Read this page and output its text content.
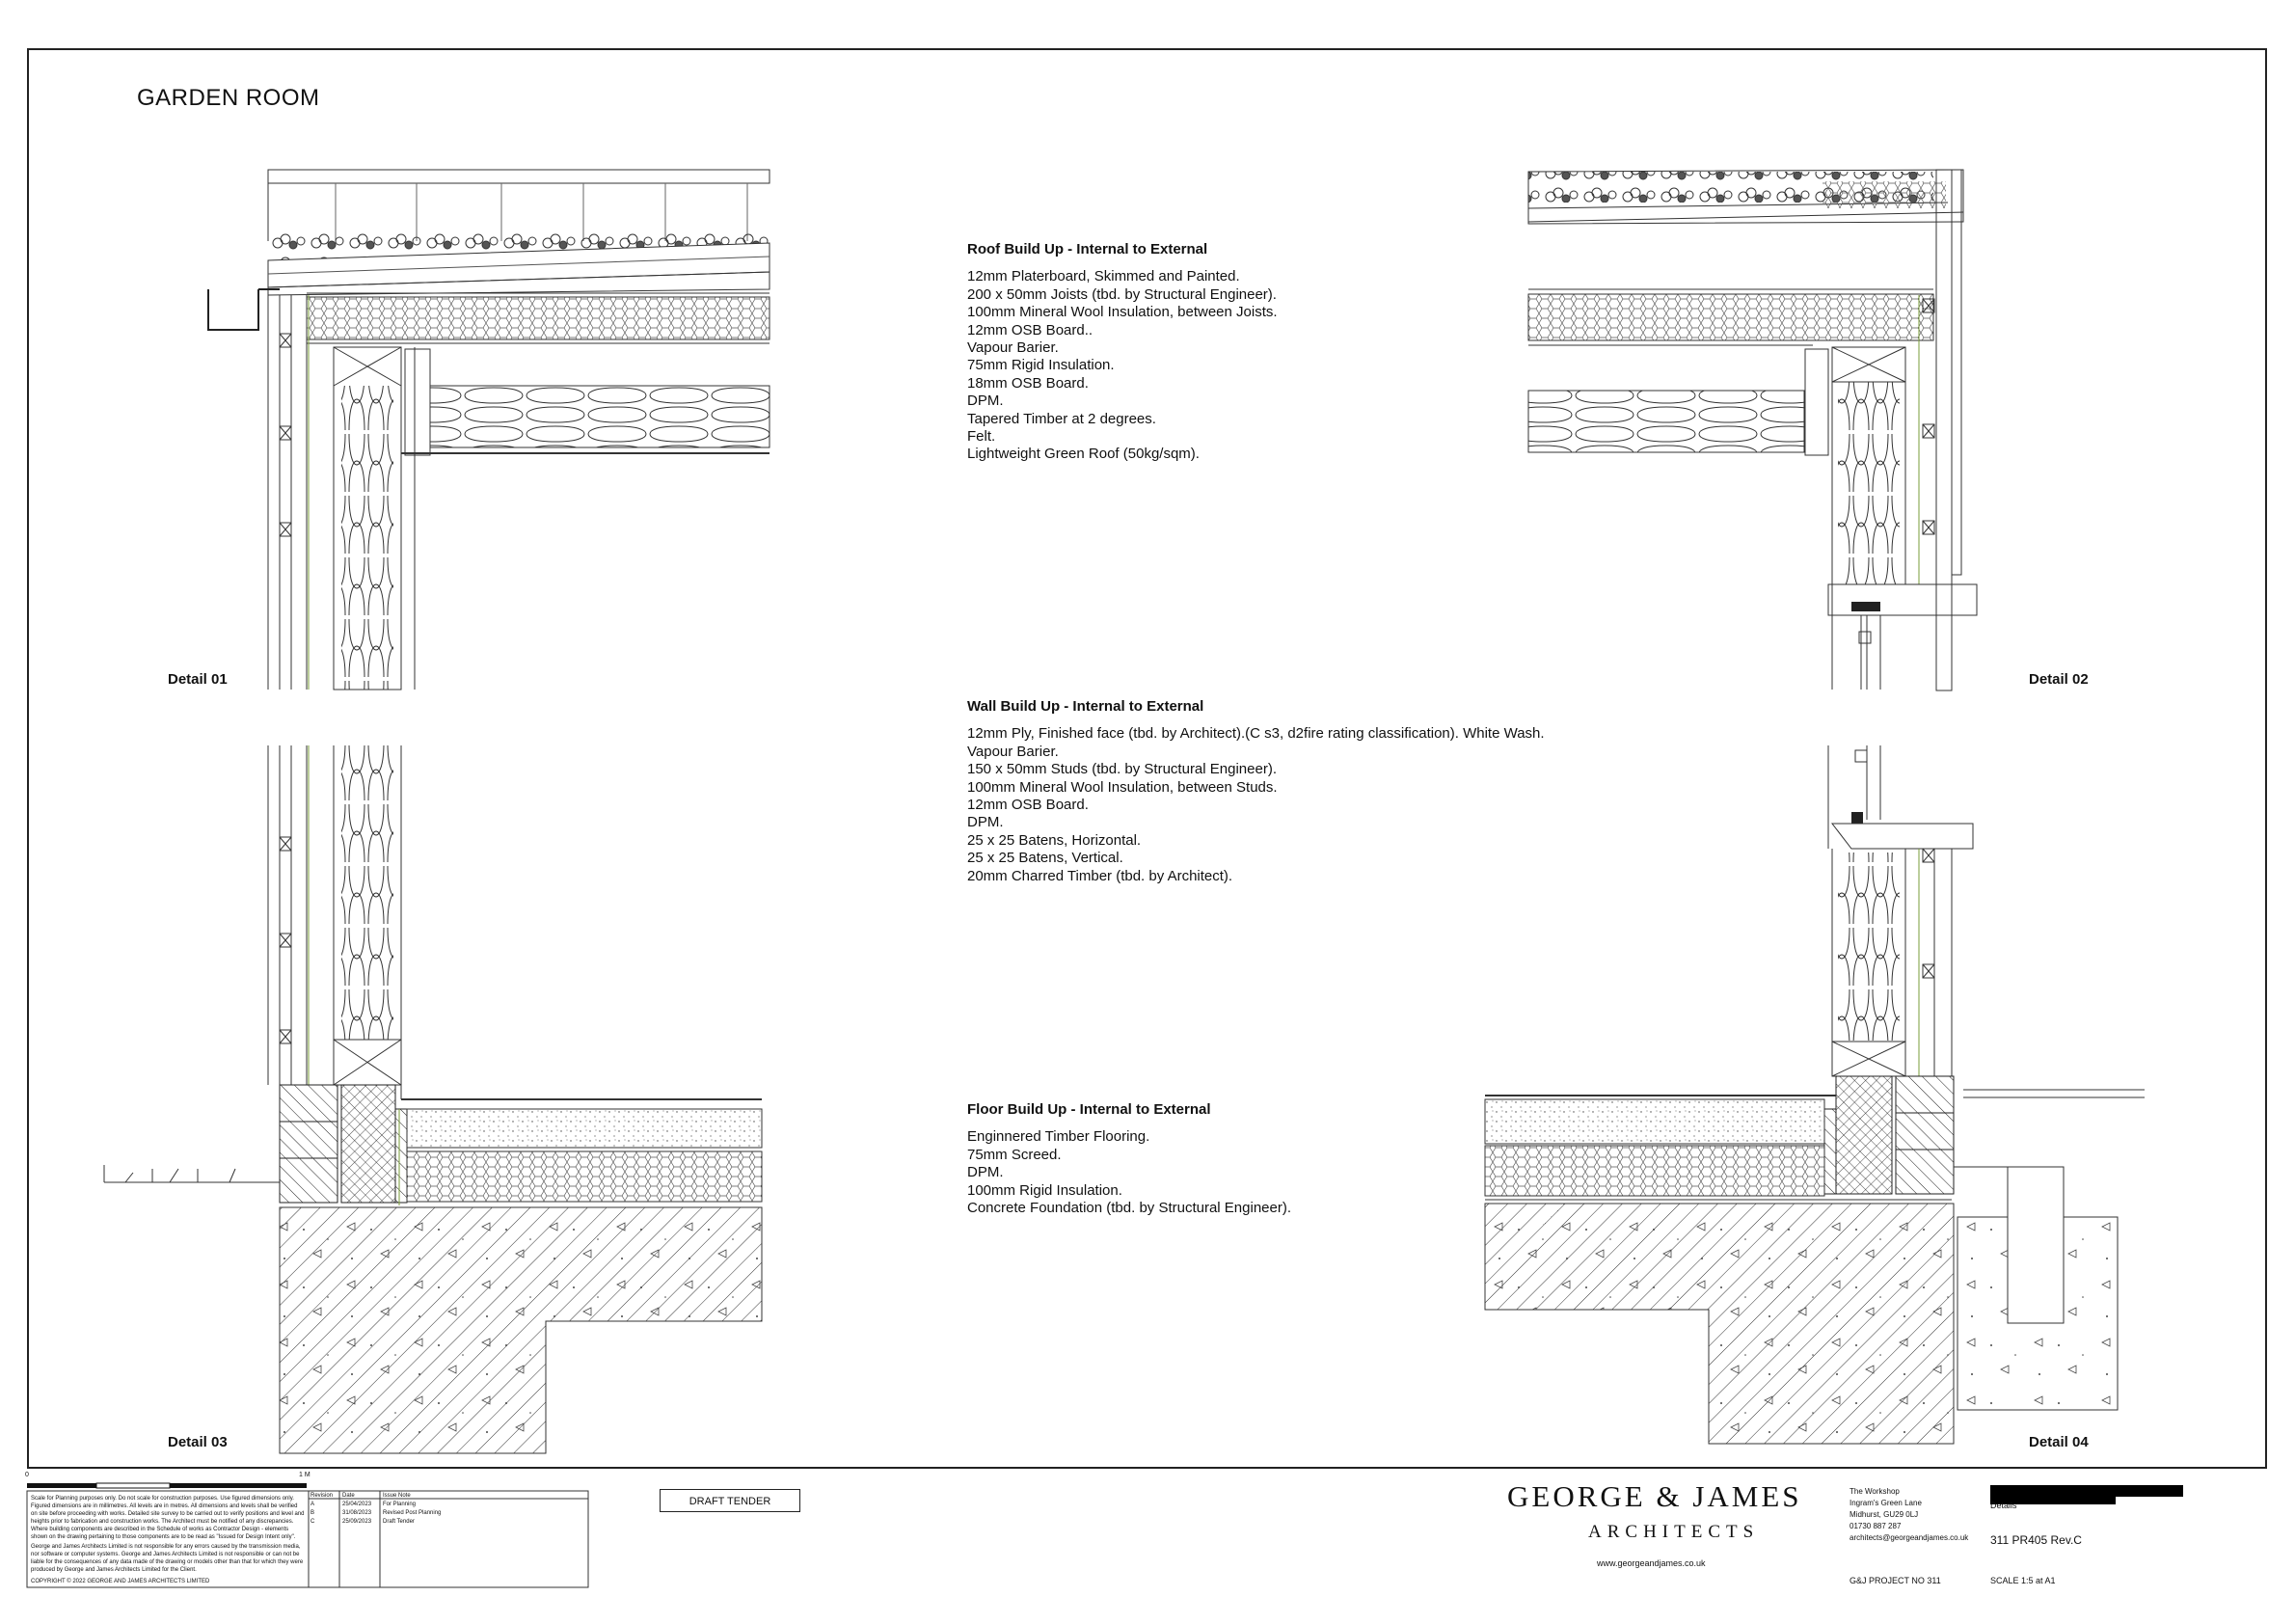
GARDEN ROOM
Detail 01	Detail 02
Detail 03	Detail 04
Roof Build Up - Internal to External
12mm Platerboard, Skimmed and Painted.
200 x 50mm Joists (tbd. by Structural Engineer).
100mm Mineral Wool Insulation, between Joists.
12mm OSB Board..
Vapour Barier.
75mm Rigid Insulation.
18mm OSB Board.
DPM.
Tapered Timber at 2 degrees.
Felt.
Lightweight Green Roof (50kg/sqm).
Wall Build Up - Internal to External
12mm Ply, Finished face (tbd. by Architect).(C s3, d2fire rating classification). White Wash.
Vapour Barier.
150 x 50mm Studs (tbd. by Structural Engineer).
100mm Mineral Wool Insulation, between Studs.
12mm OSB Board.
DPM.
25 x 25 Batens, Horizontal.
25 x 25 Batens, Vertical.
20mm Charred Timber (tbd. by Architect).
Floor Build Up - Internal to External
Enginnered Timber Flooring.
75mm Screed.
DPM.
100mm Rigid Insulation.
Concrete Foundation (tbd. by Structural Engineer).
0	1 M
Scale for Planning purposes only. Do not scale for construction purposes. Use figured dimensions only. Figured dimensions are in millimetres. All levels are in metres. All dimensions and levels shall be verified on site before proceeding with works. Detailed site survey to be carried out to verify positions and level and heights prior to fabrication and construction works. The Architect must be notified of any discrepancies. Where building components are described in the Schedule of works as Contractor Design - elements shown on the drawing pertaining to those components are to be read as "Issued for Design Intent only".
George and James Architects Limited is not responsible for any errors caused by the transmission media, nor software or computer systems. George and James Architects Limited is not responsible or can not be liable for the consequences of any data made of the drawing or models other than that for which they were produced by George and James Architects Limited for the Client.
COPYRIGHT © 2022 GEORGE AND JAMES ARCHITECTS LIMITED
Revision Date	Issue Note
A	25/04/2023 For Planning
B	31/08/2023 Revised Post Planning
C	25/09/2023 Draft Tender
DRAFT TENDER	GEORGE & JAMES
ARCHITECTS
www.georgeandjames.co.uk
The Workshop
Ingram's Green Lane
Midhurst, GU29 0LJ
01730 887 287
architects@georgeandjames.co.uk
Details
311 PR405 Rev.C
G&J PROJECT NO 311	SCALE 1:5 at A1
